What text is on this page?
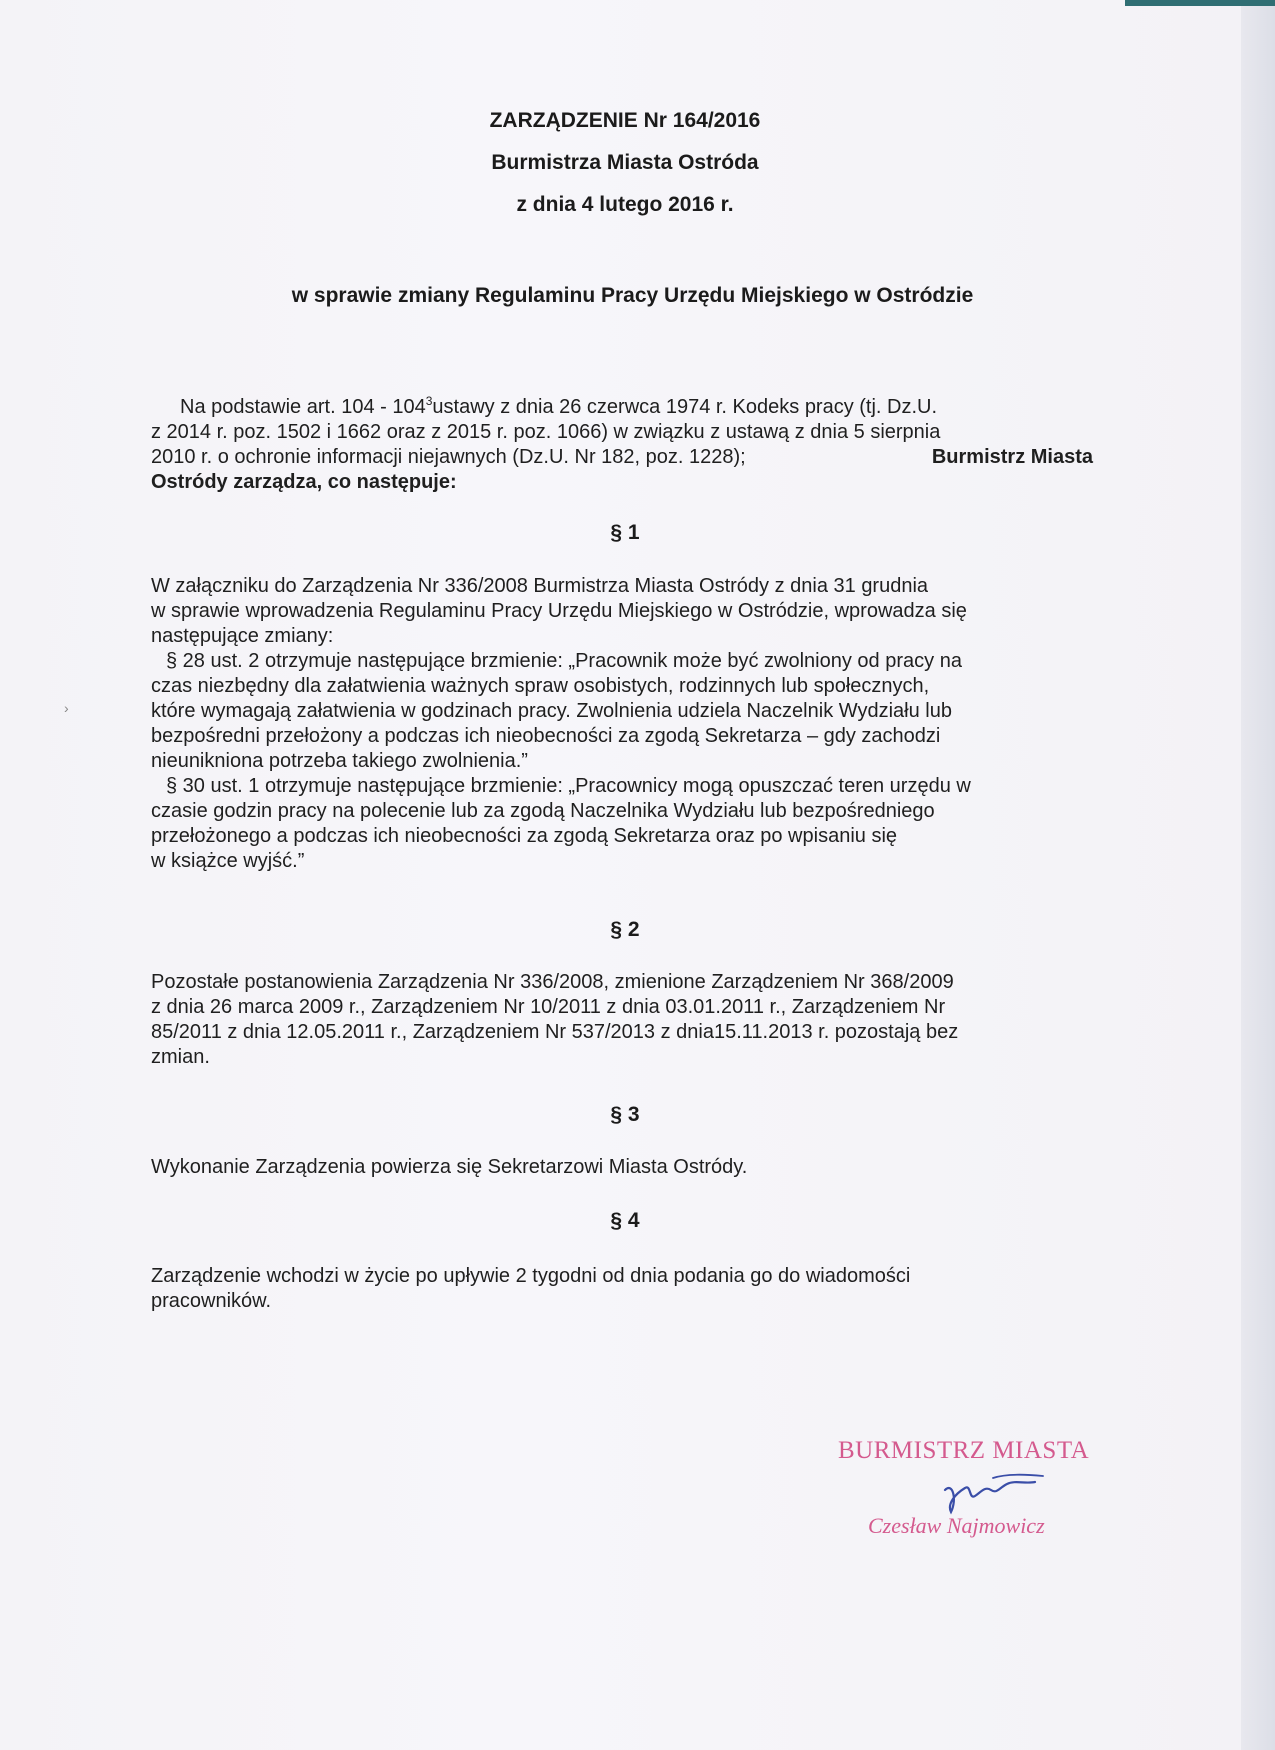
ZARZĄDZENIE Nr 164/2016
Burmistrza Miasta Ostróda
z dnia 4 lutego 2016 r.
w sprawie zmiany Regulaminu Pracy Urzędu Miejskiego w Ostródzie
Na podstawie art. $104 - 104^3ustawy$ z dnia 26 czerwca 1974 r. Kodeks pracy (tj. Dz.U.
z 2014 r. poz. 1502 i 1662 oraz z 2015 r. poz. 1066) w związku z ustawą z dnia 5 sierpnia
2010 r. o ochronie informacji niejawnych (Dz.U. Nr 182, poz. 1228);	Burmistrz Miasta
Ostródy zarządza, co następuje:
§ 1
W załączniku do Zarządzenia Nr 336/2008 Burmistrza Miasta Ostródy z dnia 31 grudnia
w sprawie wprowadzenia Regulaminu Pracy Urzędu Miejskiego w Ostródzie, wprowadza się
następujące zmiany:
§ 28 ust. 2 otrzymuje następujące brzmienie: „Pracownik może być zwolniony od pracy na
czas niezbędny dla załatwienia ważnych spraw osobistych, rodzinnych lub społecznych,
które wymagają załatwienia w godzinach pracy. Zwolnienia udziela Naczelnik Wydziału lub
bezpośredni przełożony a podczas ich nieobecności za zgodą Sekretarza – gdy zachodzi
nieunikniona potrzeba takiego zwolnienia.”
§ 30 ust. 1 otrzymuje następujące brzmienie: „Pracownicy mogą opuszczać teren urzędu w
czasie godzin pracy na polecenie lub za zgodą Naczelnika Wydziału lub bezpośredniego
przełożonego a podczas ich nieobecności za zgodą Sekretarza oraz po wpisaniu się
w książce wyjść.”
§ 2
Pozostałe postanowienia Zarządzenia Nr 336/2008, zmienione Zarządzeniem Nr 368/2009
z dnia 26 marca 2009 r., Zarządzeniem Nr 10/2011 z dnia 03.01.2011 r., Zarządzeniem Nr
85/2011 z dnia 12.05.2011 r., Zarządzeniem Nr 537/2013 z dnia15.11.2013 r. pozostają bez
zmian.
§ 3
Wykonanie Zarządzenia powierza się Sekretarzowi Miasta Ostródy.
§ 4
Zarządzenie wchodzi w życie po upływie 2 tygodni od dnia podania go do wiadomości
pracowników.
BURMISTRZ MIASTA
Czesław Najmowicz
›
